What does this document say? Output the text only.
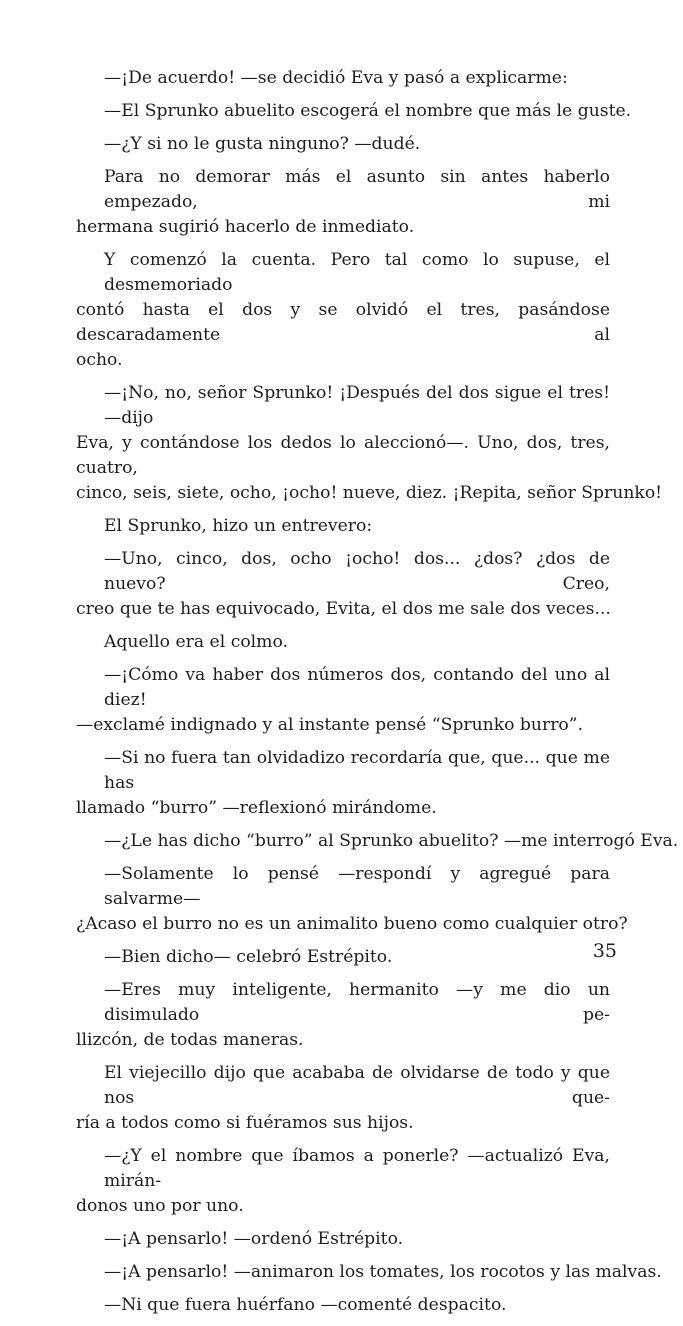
—¡De acuerdo! —se decidió Eva y pasó a explicarme:
—El Sprunko abuelito escogerá el nombre que más le guste.
—¿Y si no le gusta ninguno? —dudé.
Para no demorar más el asunto sin antes haberlo empezado, mi
hermana sugirió hacerlo de inmediato.
Y comenzó la cuenta. Pero tal como lo supuse, el desmemoriado
contó hasta el dos y se olvidó el tres, pasándose descaradamente al
ocho.
—¡No, no, señor Sprunko! ¡Después del dos sigue el tres! —dijo
Eva, y contándose los dedos lo aleccionó—. Uno, dos, tres, cuatro,
cinco, seis, siete, ocho, ¡ocho! nueve, diez. ¡Repita, señor Sprunko!
El Sprunko, hizo un entrevero:
—Uno, cinco, dos, ocho ¡ocho! dos... ¿dos? ¿dos de nuevo? Creo,
creo que te has equivocado, Evita, el dos me sale dos veces...
Aquello era el colmo.
—¡Cómo va haber dos números dos, contando del uno al diez!
—exclamé indignado y al instante pensé “Sprunko burro”.
—Si no fuera tan olvidadizo recordaría que, que... que me has
llamado “burro” —reflexionó mirándome.
—¿Le has dicho “burro” al Sprunko abuelito? —me interrogó Eva.
—Solamente lo pensé —respondí y agregué para salvarme—
¿Acaso el burro no es un animalito bueno como cualquier otro?
—Bien dicho— celebró Estrépito.
—Eres muy inteligente, hermanito —y me dio un disimulado pe-
llizcón, de todas maneras.
El viejecillo dijo que acababa de olvidarse de todo y que nos que-
ría a todos como si fuéramos sus hijos.
—¿Y el nombre que íbamos a ponerle? —actualizó Eva, mirán-
donos uno por uno.
—¡A pensarlo! —ordenó Estrépito.
—¡A pensarlo! —animaron los tomates, los rocotos y las malvas.
—Ni que fuera huérfano —comenté despacito.
35
